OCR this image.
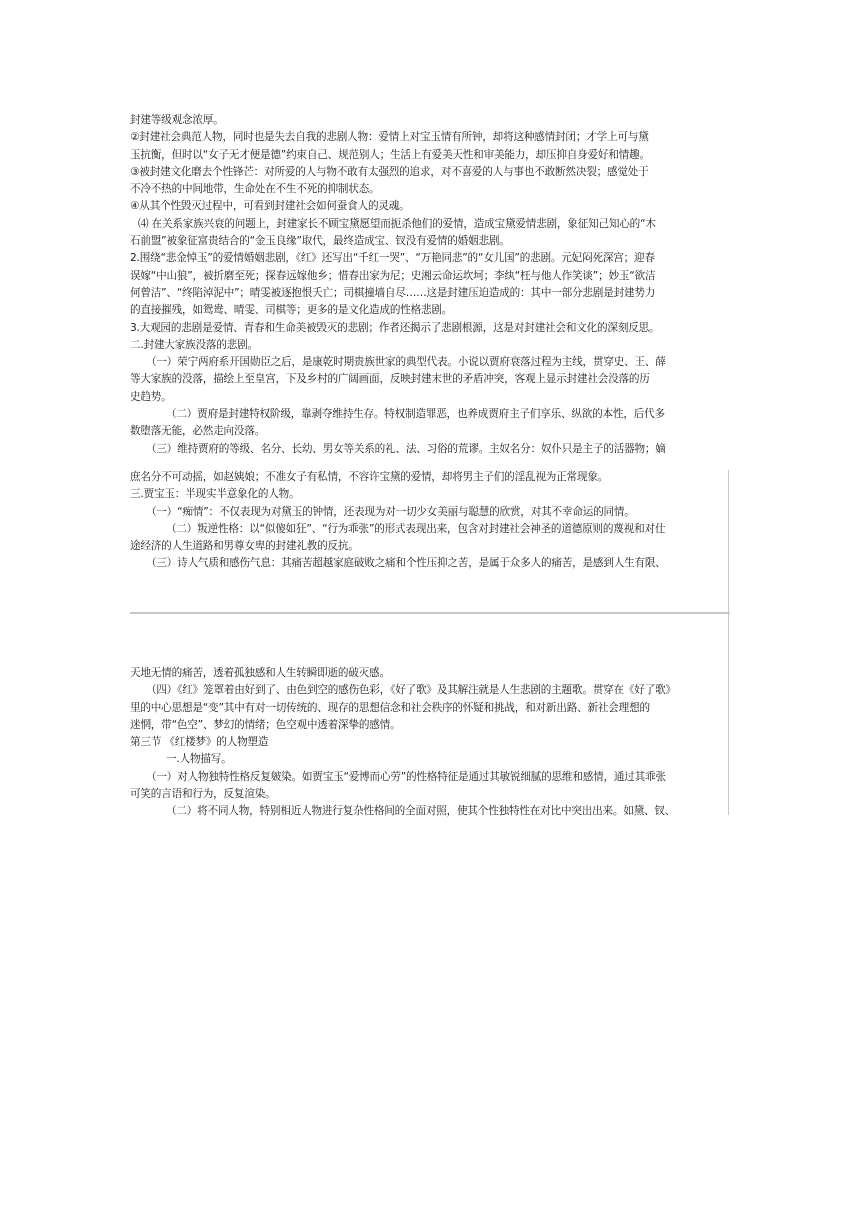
封建等级观念浓厚。
②封建社会典范人物，同时也是失去自我的悲剧人物：爱情上对宝玉情有所钟，却将这种感情封闭；才学上可与黛
玉抗衡，但时以“女子无才便是德”约束自己、规范别人；生活上有爱美天性和审美能力，却压抑自身爱好和情趣。
③被封建文化磨去个性锋芒：对所爱的人与物不敢有太强烈的追求，对不喜爱的人与事也不敢断然决裂；感觉处于
不冷不热的中间地带，生命处在不生不死的抑制状态。
④从其个性毁灭过程中，可看到封建社会如何蚕食人的灵魂。
⑷ 在关系家族兴衰的问题上，封建家长不顾宝黛愿望而扼杀他们的爱情，造成宝黛爱情悲剧，象征知己知心的“木
石前盟”被象征富贵结合的“金玉良缘”取代，最终造成宝、钗没有爱情的婚姻悲剧。
2.围绕“悲金悼玉”的爱情婚姻悲剧，《红》还写出“千红一哭”、“万艳同悲”的“女儿国”的悲剧。元妃闷死深宫；迎春
误嫁“中山狼”，被折磨至死；探春远嫁他乡；惜春出家为尼；史湘云命运坎坷；李纨“枉与他人作笑谈”；妙玉“欲洁
何曾洁”、“终陷淖泥中”；晴雯被逐抱恨夭亡；司棋撞墙自尽……这是封建压迫造成的：其中一部分悲剧是封建势力
的直接摧残，如鸳鸯、晴雯、司棋等；更多的是文化造成的性格悲剧。
3.大观园的悲剧是爱情、青春和生命美被毁灭的悲剧；作者还揭示了悲剧根源，这是对封建社会和文化的深刻反思。
二.封建大家族没落的悲剧。
（一）荣宁两府系开国勋臣之后，是康乾时期贵族世家的典型代表。小说以贾府衰落过程为主线，贯穿史、王、薛
等大家族的没落，描绘上至皇宫，下及乡村的广阔画面，反映封建末世的矛盾冲突，客观上显示封建社会没落的历
史趋势。
（二）贾府是封建特权阶级，靠剥夺维持生存。特权制造罪恶，也养成贾府主子们享乐、纵欲的本性，后代多
数堕落无能，必然走向没落。
（三）维持贾府的等级、名分、长幼、男女等关系的礼、法、习俗的荒谬。主奴名分：奴仆只是主子的活器物；嫡
庶名分不可动摇，如赵姨娘；不准女子有私情，不容许宝黛的爱情，却将男主子们的淫乱视为正常现象。
三.贾宝玉：半现实半意象化的人物。
（一）“痴情”：不仅表现为对黛玉的钟情，还表现为对一切少女美丽与聪慧的欣赏，对其不幸命运的同情。
（二）叛逆性格：以“似傻如狂”、“行为乖张”的形式表现出来，包含对封建社会神圣的道德原则的蔑视和对仕
途经济的人生道路和男尊女卑的封建礼教的反抗。
（三）诗人气质和感伤气息：其痛苦超越家庭破败之痛和个性压抑之苦，是属于众多人的痛苦，是感到人生有限、
天地无情的痛苦，透着孤独感和人生转瞬即逝的破灭感。
（四）《红》笼罩着由好到了、由色到空的感伤色彩，《好了歌》及其解注就是人生悲剧的主题歌。贯穿在《好了歌》
里的中心思想是“变”其中有对一切传统的、现存的思想信念和社会秩序的怀疑和挑战，和对新出路、新社会理想的
迷惘，带“色空”、梦幻的情绪；色空观中透着深挚的感情。
第三节 《红楼梦》的人物塑造
一.人物描写。
（一）对人物独特性格反复皴染。如贾宝玉“爱博而心劳”的性格特征是通过其敏锐细腻的思维和感情，通过其乖张
可笑的言语和行为，反复渲染。
（二）将不同人物，特别相近人物进行复杂性格间的全面对照，使其个性独特性在对比中突出出来。如黛、钗、
